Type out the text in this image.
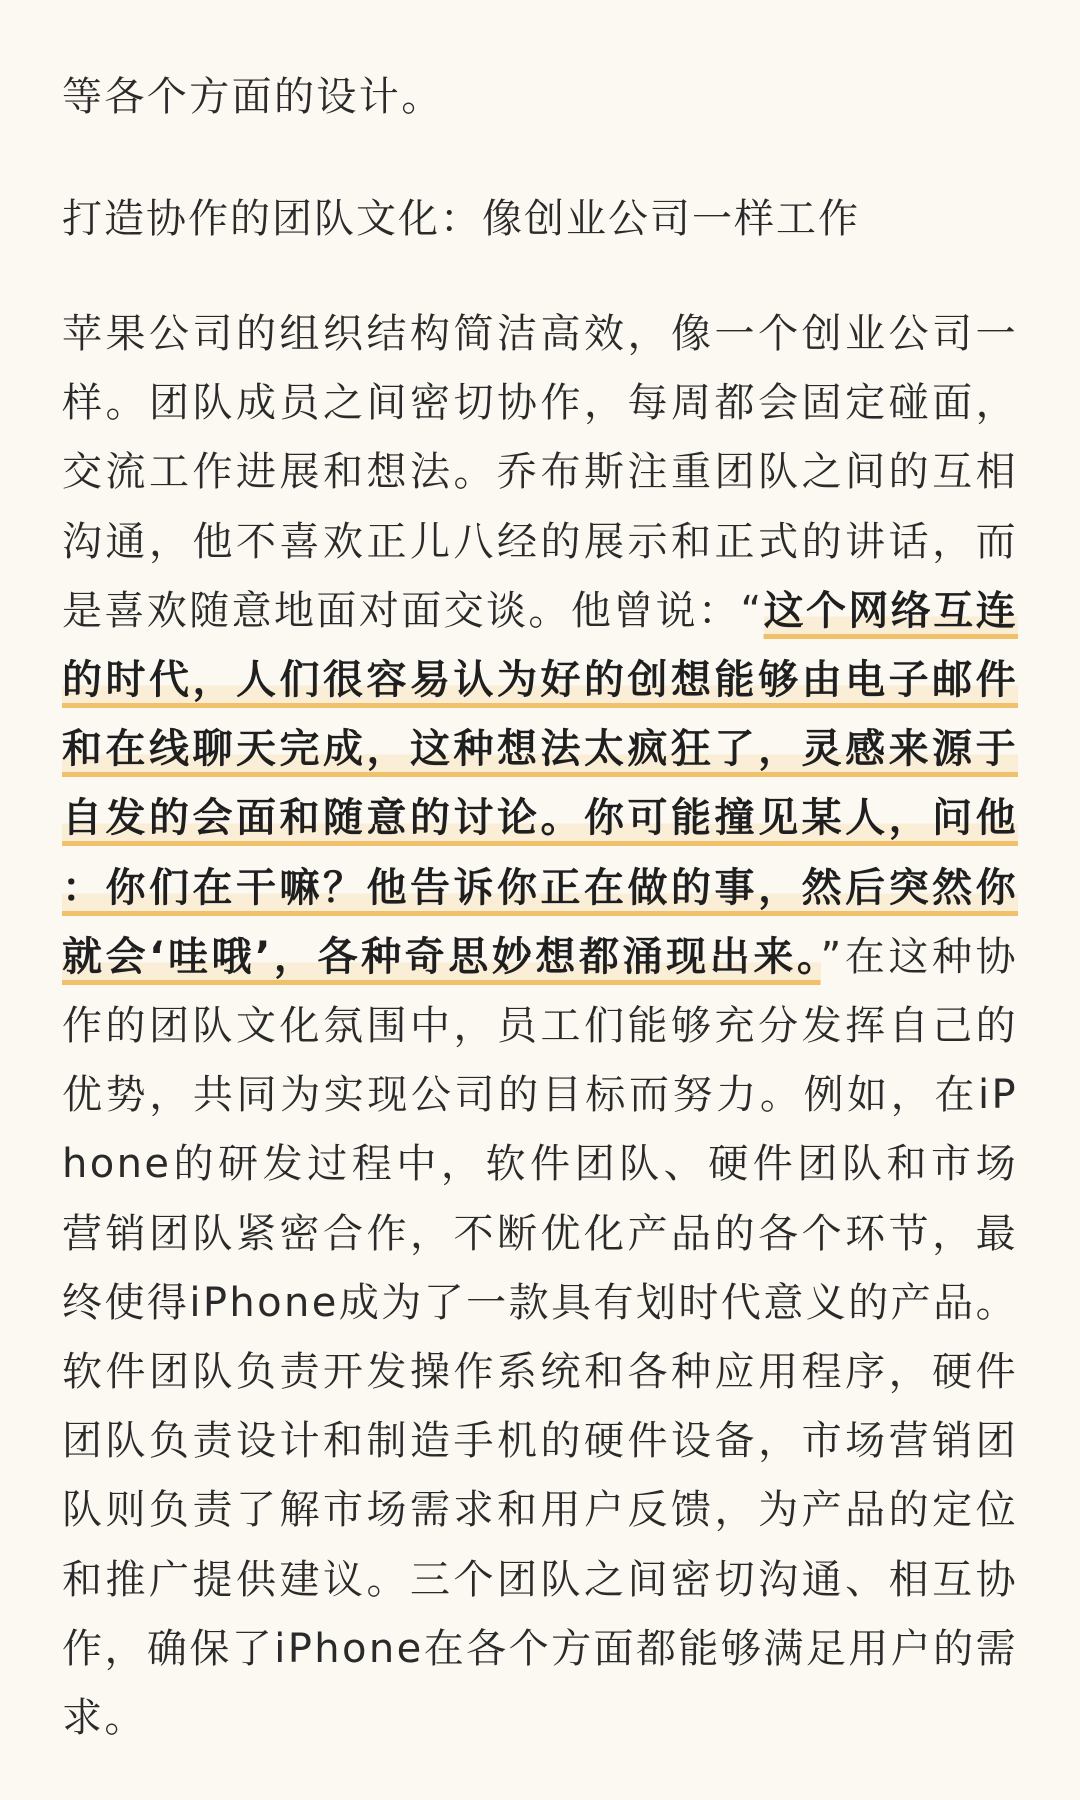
等各个方面的设计。

打造协作的团队文化：像创业公司一样工作

苹果公司的组织结构简洁高效，像一个创业公司一样。团队成员之间密切协作，每周都会固定碰面，交流工作进展和想法。乔布斯注重团队之间的互相沟通，他不喜欢正儿八经的展示和正式的讲话，而是喜欢随意地面对面交谈。他曾说：“这个网络互连的时代，人们很容易认为好的创想能够由电子邮件和在线聊天完成，这种想法太疯狂了，灵感来源于自发的会面和随意的讨论。你可能撞见某人，问他：你们在干嘛？他告诉你正在做的事，然后突然你就会‘哇哦’，各种奇思妙想都涌现出来。”在这种协作的团队文化氛围中，员工们能够充分发挥自己的优势，共同为实现公司的目标而努力。例如，在iPhone的研发过程中，软件团队、硬件团队和市场营销团队紧密合作，不断优化产品的各个环节，最终使得iPhone成为了一款具有划时代意义的产品。软件团队负责开发操作系统和各种应用程序，硬件团队负责设计和制造手机的硬件设备，市场营销团队则负责了解市场需求和用户反馈，为产品的定位和推广提供建议。三个团队之间密切沟通、相互协作，确保了iPhone在各个方面都能够满足用户的需求。
